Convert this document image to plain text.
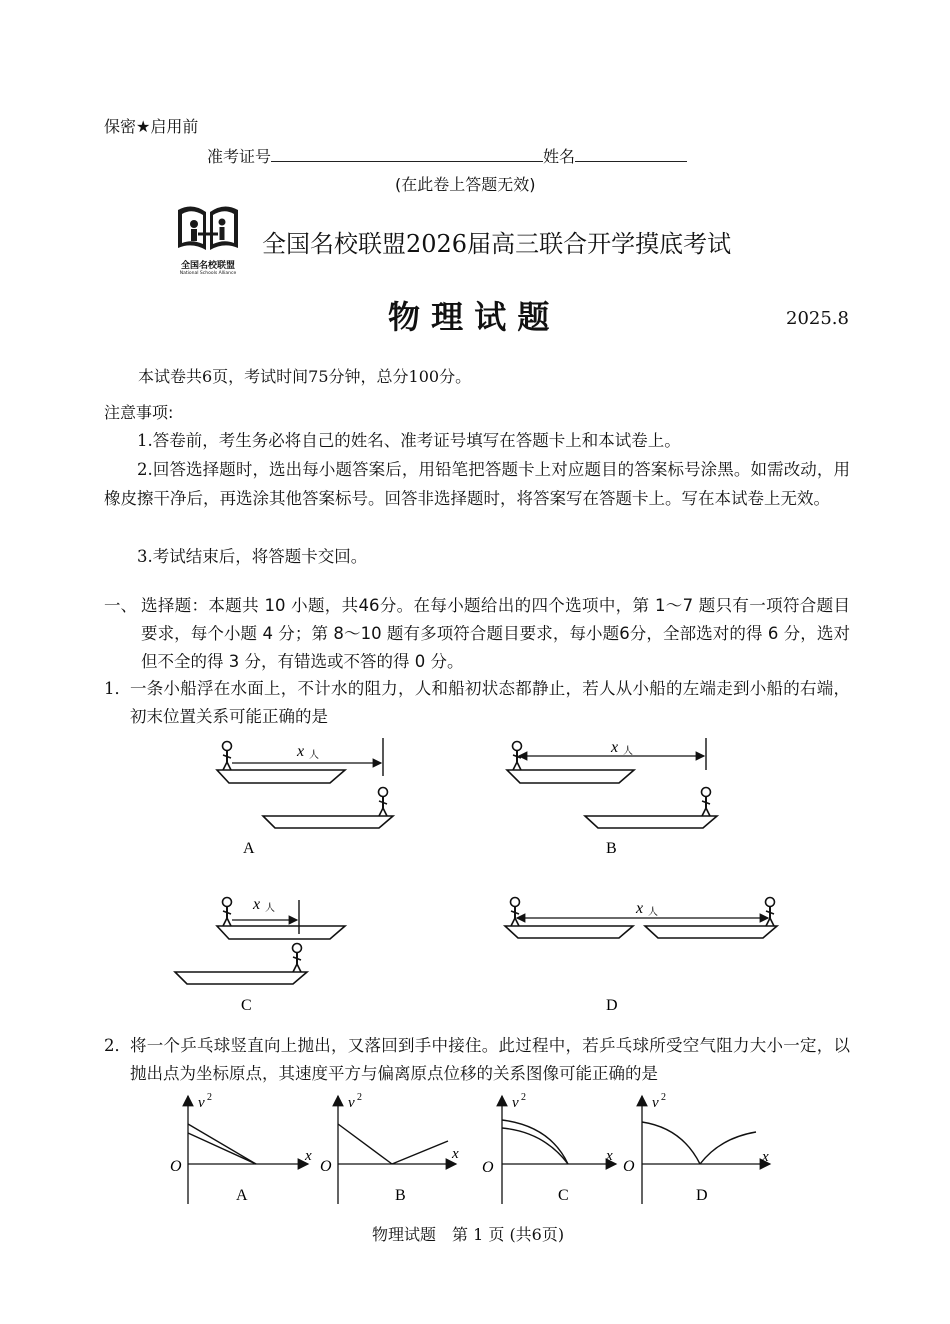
保密★启用前
准考证号	姓名
(在此卷上答题无效)
全国名校联盟
National Schools Alliance
全国名校联盟2026届高三联合开学摸底考试
物 理 试 题	2025.8
本试卷共6页，考试时间75分钟，总分100分。
注意事项:
1.答卷前，考生务必将自己的姓名、准考证号填写在答题卡上和本试卷上。
2.回答选择题时，选出每小题答案后，用铅笔把答题卡上对应题目的答案标号涂黑。如需改动，用橡皮擦干净后，再选涂其他答案标号。回答非选择题时，将答案写在答题卡上。写在本试卷上无效。
3.考试结束后，将答题卡交回。
一、 选择题：本题共 10 小题，共46分。在每小题给出的四个选项中，第 1～7 题只有一项符合题目要求，每个小题 4 分；第 8～10 题有多项符合题目要求，每小题6分，全部选对的得 6 分，选对但不全的得 3 分，有错选或不答的得 0 分。
1． 一条小船浮在水面上，不计水的阻力，人和船初状态都静止，若人从小船的左端走到小船的右端，初末位置关系可能正确的是
x 人
A
x 人
B
x 人
C
x 人
D
2． 将一个乒乓球竖直向上抛出，又落回到手中接住。此过程中，若乒乓球所受空气阻力大小一定，以抛出点为坐标原点，其速度平方与偏离原点位移的关系图像可能正确的是
v 2
x
O
A
v 2
x
O
B
v 2
x
O
C
v 2
x
O
D
物理试题　第 1 页 (共6页)
